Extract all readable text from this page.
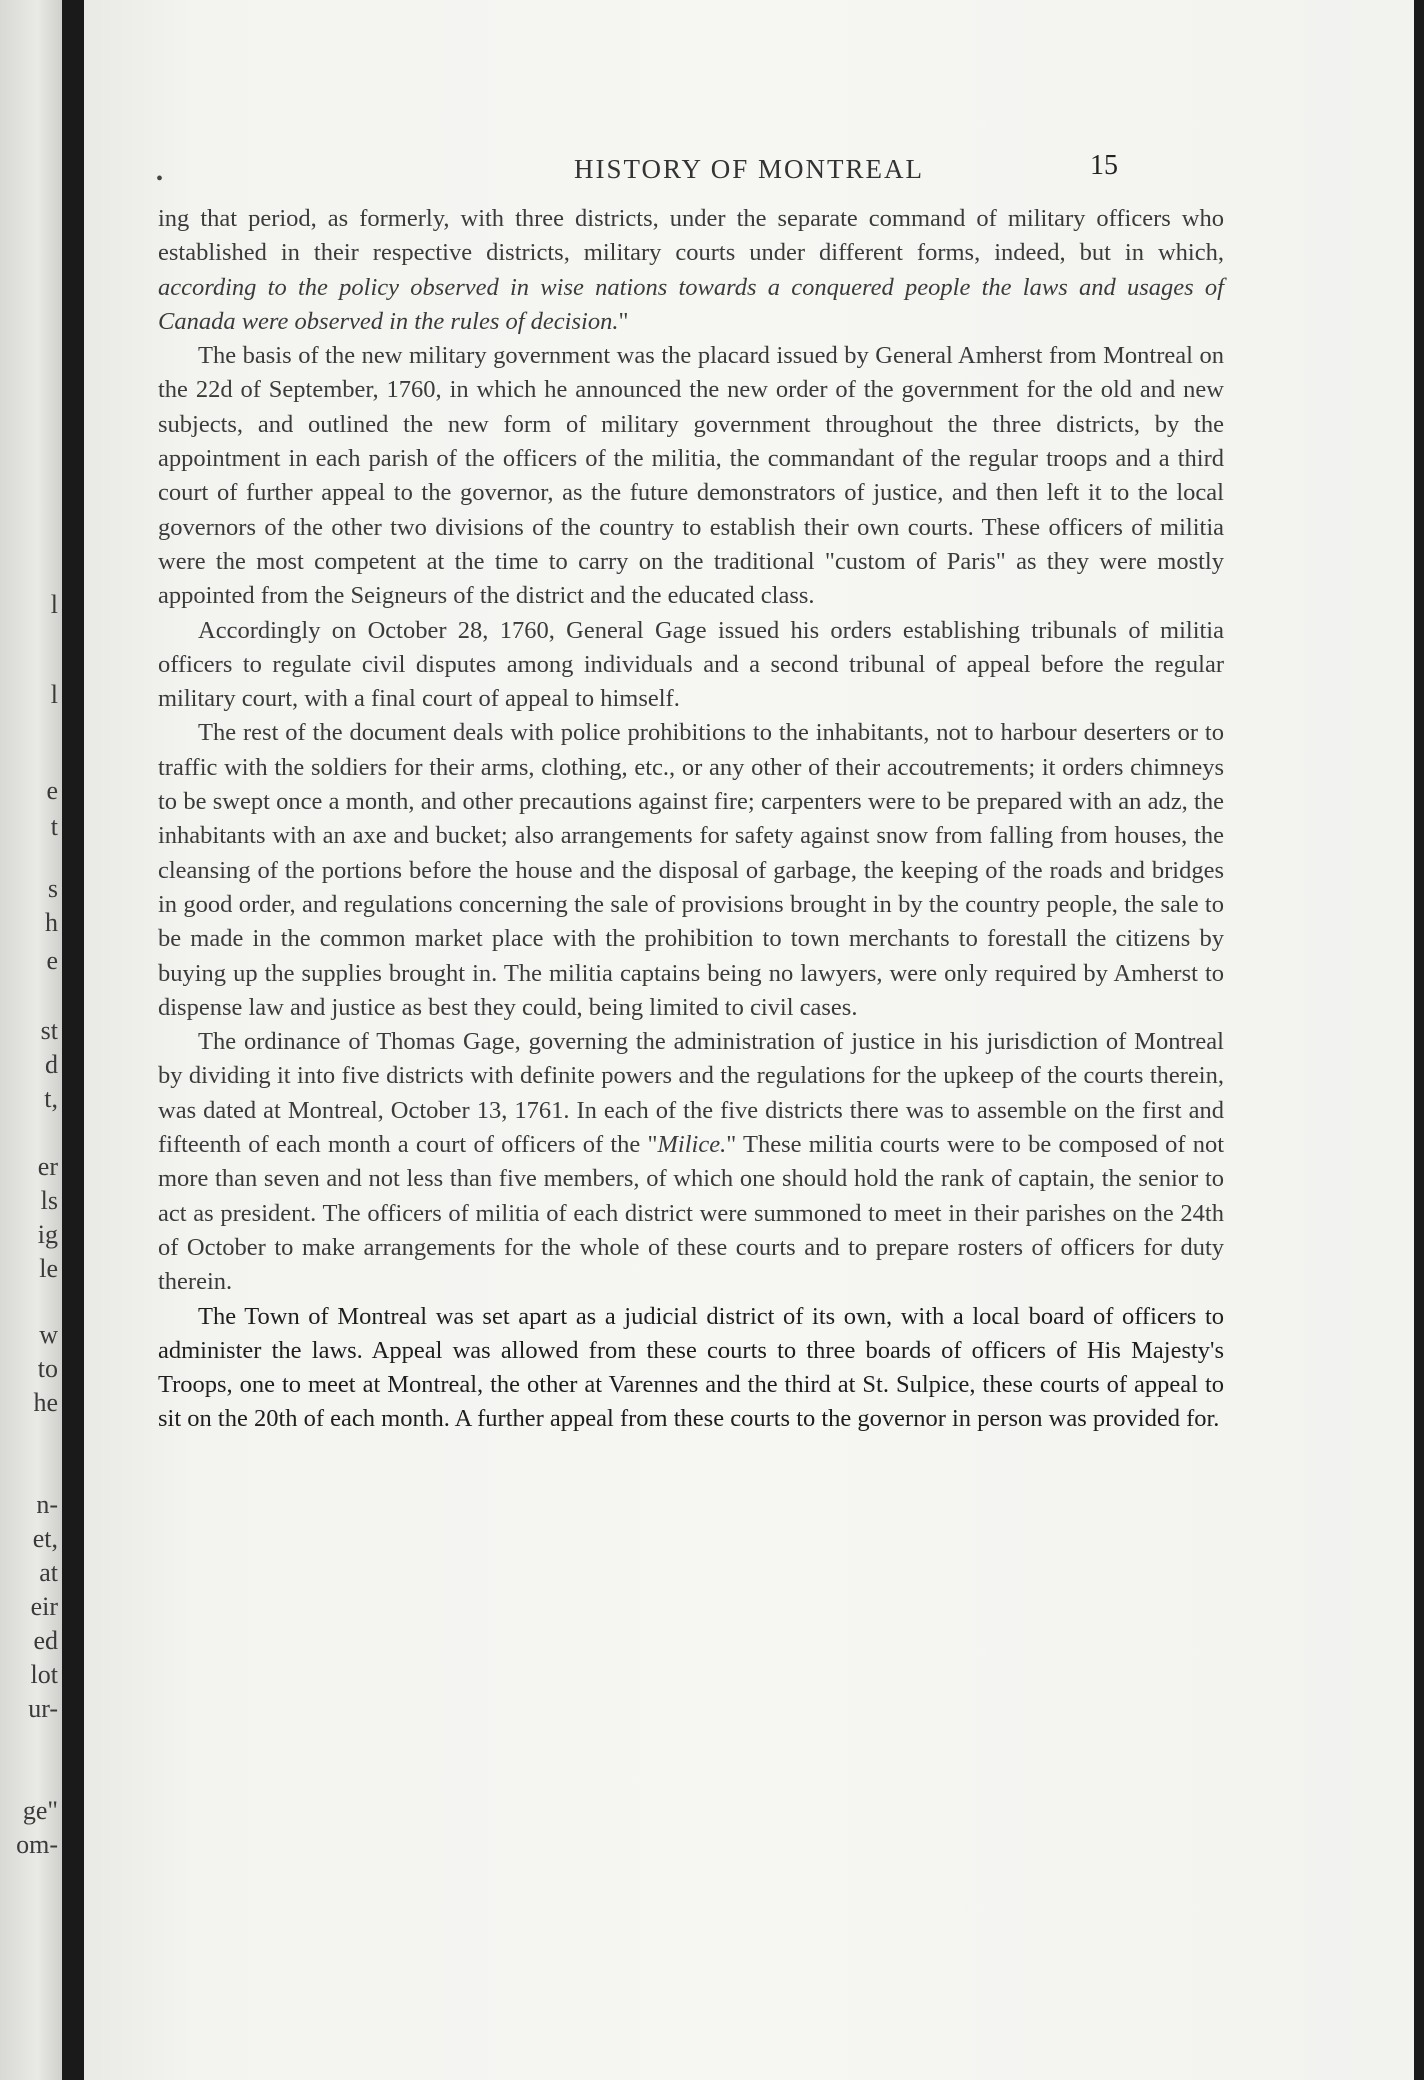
l
l
e
t
s
h
e
st
d
t,
er
ls
ig
le
w
to
he
n-
et,
at
eir
ed
lot
ur-
ge"
om-
•	HISTORY OF MONTREAL	15

ing that period, as formerly, with three districts, under the separate command of military officers who established in their respective districts, military courts under different forms, indeed, but in which, according to the policy observed in wise nations towards a conquered people the laws and usages of Canada were observed in the rules of decision."

The basis of the new military government was the placard issued by General Amherst from Montreal on the 22d of September, 1760, in which he announced the new order of the government for the old and new subjects, and outlined the new form of military government throughout the three districts, by the appointment in each parish of the officers of the militia, the commandant of the regular troops and a third court of further appeal to the governor, as the future demonstrators of justice, and then left it to the local governors of the other two divisions of the country to establish their own courts. These officers of militia were the most competent at the time to carry on the traditional "custom of Paris" as they were mostly appointed from the Seigneurs of the district and the educated class.

Accordingly on October 28, 1760, General Gage issued his orders establishing tribunals of militia officers to regulate civil disputes among individuals and a second tribunal of appeal before the regular military court, with a final court of appeal to himself.

The rest of the document deals with police prohibitions to the inhabitants, not to harbour deserters or to traffic with the soldiers for their arms, clothing, etc., or any other of their accoutrements; it orders chimneys to be swept once a month, and other precautions against fire; carpenters were to be prepared with an adz, the inhabitants with an axe and bucket; also arrangements for safety against snow from falling from houses, the cleansing of the portions before the house and the disposal of garbage, the keeping of the roads and bridges in good order, and regulations concerning the sale of provisions brought in by the country people, the sale to be made in the common market place with the prohibition to town merchants to forestall the citizens by buying up the supplies brought in. The militia captains being no lawyers, were only required by Amherst to dispense law and justice as best they could, being limited to civil cases.

The ordinance of Thomas Gage, governing the administration of justice in his jurisdiction of Montreal by dividing it into five districts with definite powers and the regulations for the upkeep of the courts therein, was dated at Montreal, October 13, 1761. In each of the five districts there was to assemble on the first and fifteenth of each month a court of officers of the "Milice." These militia courts were to be composed of not more than seven and not less than five members, of which one should hold the rank of captain, the senior to act as president. The officers of militia of each district were summoned to meet in their parishes on the 24th of October to make arrangements for the whole of these courts and to prepare rosters of officers for duty therein.

The Town of Montreal was set apart as a judicial district of its own, with a local board of officers to administer the laws. Appeal was allowed from these courts to three boards of officers of His Majesty's Troops, one to meet at Montreal, the other at Varennes and the third at St. Sulpice, these courts of appeal to sit on the 20th of each month. A further appeal from these courts to the governor in person was provided for.
